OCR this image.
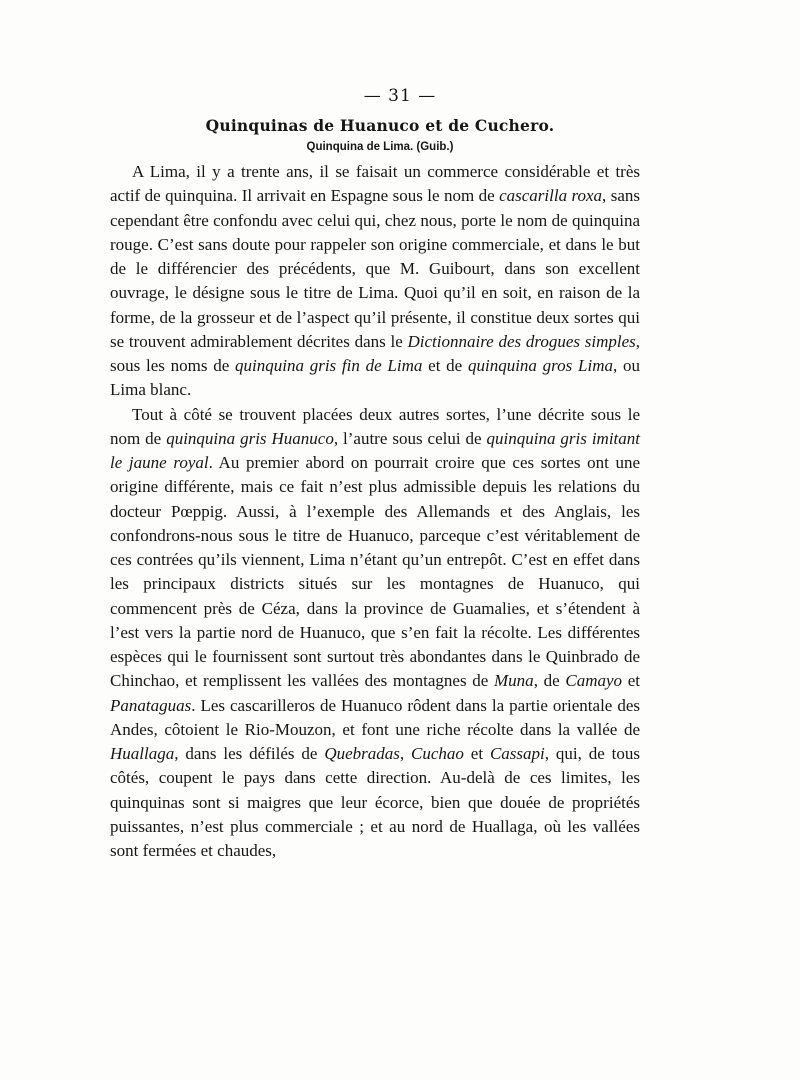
— 31 —
Quinquinas de Huanuco et de Cuchero.
Quinquina de Lima. (Guib.)

A Lima, il y a trente ans, il se faisait un commerce considérable et très actif de quinquina. Il arrivait en Espagne sous le nom de cascarilla roxa, sans cependant être confondu avec celui qui, chez nous, porte le nom de quinquina rouge. C’est sans doute pour rappeler son origine commerciale, et dans le but de le différencier des précédents, que M. Guibourt, dans son excellent ouvrage, le désigne sous le titre de Lima. Quoi qu’il en soit, en raison de la forme, de la grosseur et de l’aspect qu’il présente, il constitue deux sortes qui se trouvent admirablement décrites dans le Dictionnaire des drogues simples, sous les noms de quinquina gris fin de Lima et de quinquina gros Lima, ou Lima blanc.

Tout à côté se trouvent placées deux autres sortes, l’une décrite sous le nom de quinquina gris Huanuco, l’autre sous celui de quinquina gris imitant le jaune royal. Au premier abord on pourrait croire que ces sortes ont une origine différente, mais ce fait n’est plus admissible depuis les relations du docteur Pœppig. Aussi, à l’exemple des Allemands et des Anglais, les confondrons-nous sous le titre de Huanuco, parceque c’est véritablement de ces contrées qu’ils viennent, Lima n’étant qu’un entrepôt. C’est en effet dans les principaux districts situés sur les montagnes de Huanuco, qui commencent près de Céza, dans la province de Guamalies, et s’étendent à l’est vers la partie nord de Huanuco, que s’en fait la récolte. Les différentes espèces qui le fournissent sont surtout très abondantes dans le Quinbrado de Chinchao, et remplissent les vallées des montagnes de Muna, de Camayo et Panataguas. Les cascarilleros de Huanuco rôdent dans la partie orientale des Andes, côtoient le Rio-Mouzon, et font une riche récolte dans la vallée de Huallaga, dans les défilés de Quebradas, Cuchao et Cassapi, qui, de tous côtés, coupent le pays dans cette direction. Au-delà de ces limites, les quinquinas sont si maigres que leur écorce, bien que douée de propriétés puissantes, n’est plus commerciale ; et au nord de Huallaga, où les vallées sont fermées et chaudes,
